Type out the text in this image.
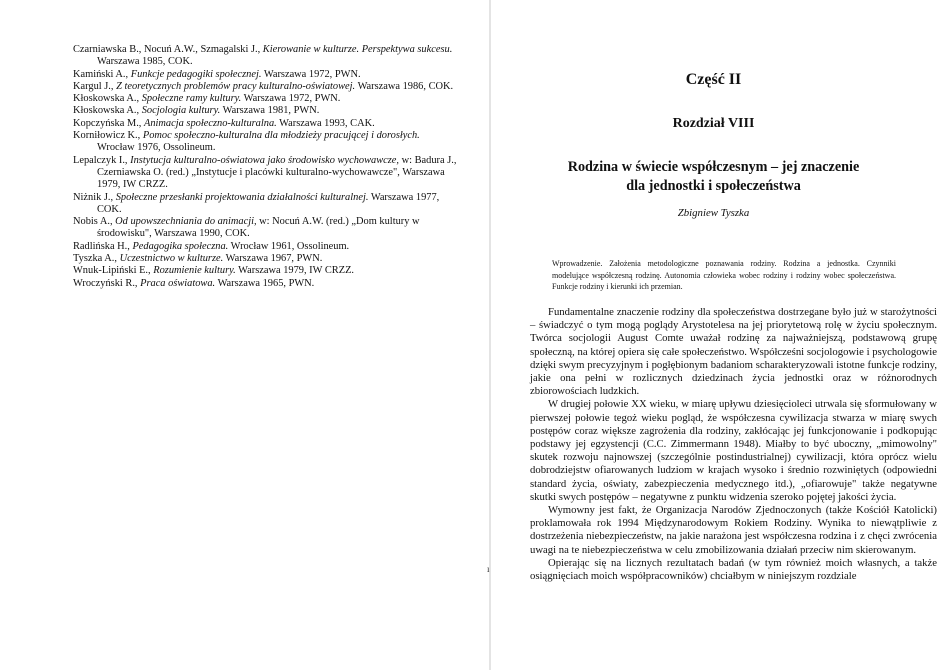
Czarniawska B., Nocuń A.W., Szmagalski J., Kierowanie w kulturze. Perspektywa sukcesu. Warszawa 1985, COK.
Kamiński A., Funkcje pedagogiki społecznej. Warszawa 1972, PWN.
Kargul J., Z teoretycznych problemów pracy kulturalno-oświatowej. Warszawa 1986, COK.
Kłoskowska A., Społeczne ramy kultury. Warszawa 1972, PWN.
Kłoskowska A., Socjologia kultury. Warszawa 1981, PWN.
Kopczyńska M., Animacja społeczno-kulturalna. Warszawa 1993, CAK.
Korniłowicz K., Pomoc społeczno-kulturalna dla młodzieży pracującej i dorosłych. Wrocław 1976, Ossolineum.
Lepalczyk I., Instytucja kulturalno-oświatowa jako środowisko wychowawcze, w: Badura J., Czerniawska O. (red.) „Instytucje i placówki kulturalno-wychowawcze", Warszawa 1979, IW CRZZ.
Niżnik J., Społeczne przesłanki projektowania działalności kulturalnej. Warszawa 1977, COK.
Nobis A., Od upowszechniania do animacji, w: Nocuń A.W. (red.) „Dom kultury w środowisku", Warszawa 1990, COK.
Radlińska H., Pedagogika społeczna. Wrocław 1961, Ossolineum.
Tyszka A., Uczestnictwo w kulturze. Warszawa 1967, PWN.
Wnuk-Lipiński E., Rozumienie kultury. Warszawa 1979, IW CRZZ.
Wroczyński R., Praca oświatowa. Warszawa 1965, PWN.
Część II
Rozdział VIII
Rodzina w świecie współczesnym – jej znaczenie
dla jednostki i społeczeństwa

Zbigniew Tyszka

Wprowadzenie. Założenia metodologiczne poznawania rodziny. Rodzina a jednostka. Czynniki modelujące współczesną rodzinę. Autonomia człowieka wobec rodziny i rodziny wobec społeczeństwa. Funkcje rodziny i kierunki ich przemian.

Fundamentalne znaczenie rodziny dla społeczeństwa dostrzegane było już w starożytności – świadczyć o tym mogą poglądy Arystotelesa na jej priorytetową rolę w życiu społecznym. Twórca socjologii August Comte uważał rodzinę za najważniejszą, podstawową grupę społeczną, na której opiera się całe społeczeństwo. Współcześni socjologowie i psychologowie dzięki swym precyzyjnym i pogłębionym badaniom scharakteryzowali istotne funkcje rodziny, jakie ona pełni w rozlicznych dziedzinach życia jednostki oraz w różnorodnych zbiorowościach ludzkich.

W drugiej połowie XX wieku, w miarę upływu dziesięcioleci utrwala się sformułowany w pierwszej połowie tegoż wieku pogląd, że współczesna cywilizacja stwarza w miarę swych postępów coraz większe zagrożenia dla rodziny, zakłócając jej funkcjonowanie i podkopując podstawy jej egzystencji (C.C. Zimmermann 1948). Miałby to być uboczny, „mimowolny" skutek rozwoju najnowszej (szczególnie postindustrialnej) cywilizacji, która oprócz wielu dobrodziejstw ofiarowanych ludziom w krajach wysoko i średnio rozwiniętych (odpowiedni standard życia, oświaty, zabezpieczenia medycznego itd.), „ofiarowuje" także negatywne skutki swych postępów – negatywne z punktu widzenia szeroko pojętej jakości życia.

Wymowny jest fakt, że Organizacja Narodów Zjednoczonych (także Kościół Katolicki) proklamowała rok 1994 Międzynarodowym Rokiem Rodziny. Wynika to niewątpliwie z dostrzeżenia niebezpieczeństw, na jakie narażona jest współczesna rodzina i z chęci zwrócenia uwagi na te niebezpieczeństwa w celu zmobilizowania działań przeciw nim skierowanym.

Opierając się na licznych rezultatach badań (w tym również moich własnych, a także osiągnięciach moich współpracowników) chciałbym w niniejszym rozdziale

ı
